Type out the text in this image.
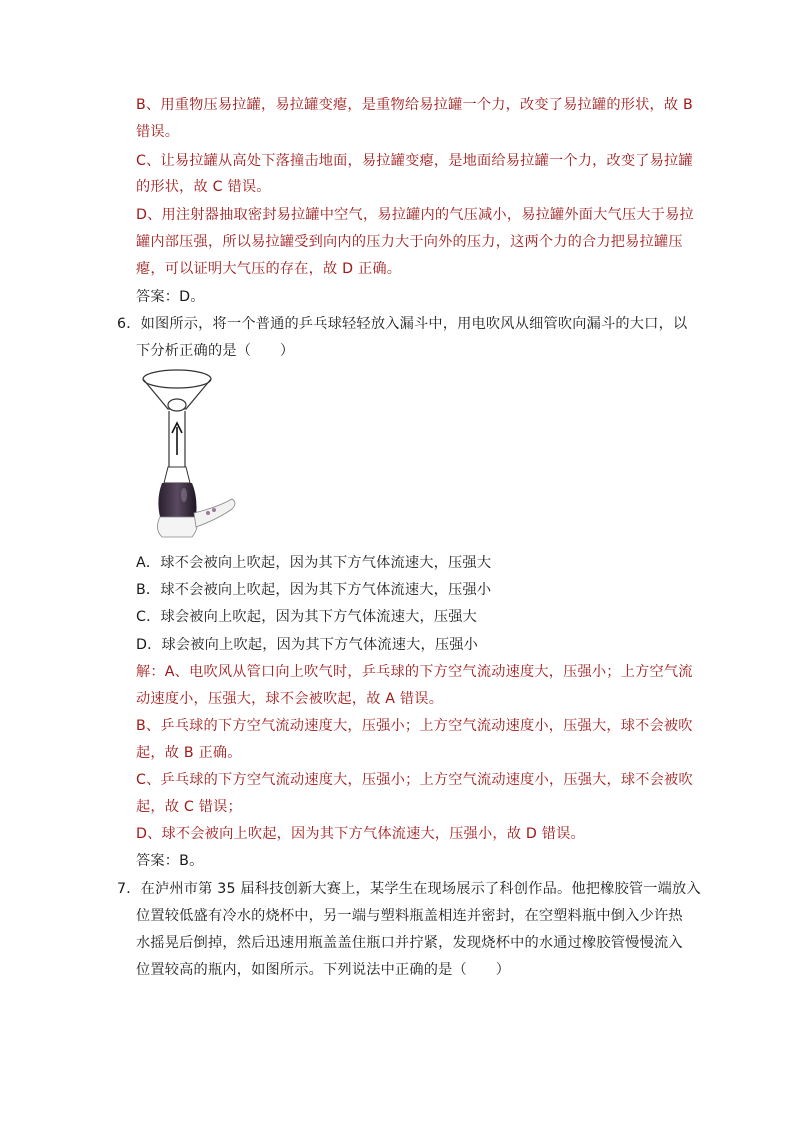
B、用重物压易拉罐，易拉罐变瘪，是重物给易拉罐一个力，改变了易拉罐的形状，故 B
错误。
C、让易拉罐从高处下落撞击地面，易拉罐变瘪，是地面给易拉罐一个力，改变了易拉罐
的形状，故 C 错误。
D、用注射器抽取密封易拉罐中空气，易拉罐内的气压减小，易拉罐外面大气压大于易拉
罐内部压强，所以易拉罐受到向内的压力大于向外的压力，这两个力的合力把易拉罐压
瘪，可以证明大气压的存在，故 D 正确。
答案：D。
6．如图所示，将一个普通的乒乓球轻轻放入漏斗中，用电吹风从细管吹向漏斗的大口，以
下分析正确的是（　　）
A．球不会被向上吹起，因为其下方气体流速大，压强大
B．球不会被向上吹起，因为其下方气体流速大，压强小
C．球会被向上吹起，因为其下方气体流速大，压强大
D．球会被向上吹起，因为其下方气体流速大，压强小
解：A、电吹风从管口向上吹气时，乒乓球的下方空气流动速度大，压强小；上方空气流
动速度小，压强大，球不会被吹起，故 A 错误。
B、乒乓球的下方空气流动速度大，压强小；上方空气流动速度小，压强大，球不会被吹
起，故 B 正确。
C、乒乓球的下方空气流动速度大，压强小；上方空气流动速度小，压强大，球不会被吹
起，故 C 错误；
D、球不会被向上吹起，因为其下方气体流速大，压强小，故 D 错误。
答案：B。
7．在泸州市第 35 届科技创新大赛上，某学生在现场展示了科创作品。他把橡胶管一端放入
位置较低盛有冷水的烧杯中，另一端与塑料瓶盖相连并密封，在空塑料瓶中倒入少许热
水摇晃后倒掉，然后迅速用瓶盖盖住瓶口并拧紧，发现烧杯中的水通过橡胶管慢慢流入
位置较高的瓶内，如图所示。下列说法中正确的是（　　）
